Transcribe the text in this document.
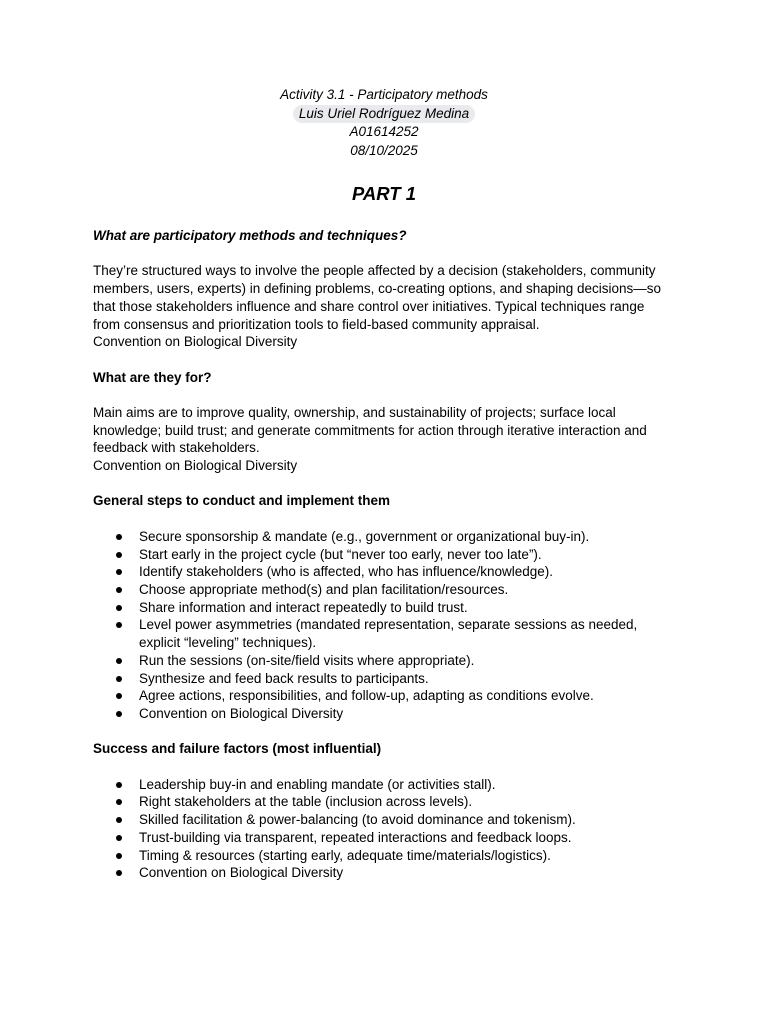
Activity 3.1 - Participatory methods
Luis Uriel Rodríguez Medina
A01614252
08/10/2025
PART 1

What are participatory methods and techniques?

They’re structured ways to involve the people affected by a decision (stakeholders, community members, users, experts) in defining problems, co-creating options, and shaping decisions—so that those stakeholders influence and share control over initiatives. Typical techniques range from consensus and prioritization tools to field-based community appraisal.

Convention on Biological Diversity

What are they for?

Main aims are to improve quality, ownership, and sustainability of projects; surface local knowledge; build trust; and generate commitments for action through iterative interaction and feedback with stakeholders.

Convention on Biological Diversity

General steps to conduct and implement them

Secure sponsorship & mandate (e.g., government or organizational buy-in).
Start early in the project cycle (but “never too early, never too late”).
Identify stakeholders (who is affected, who has influence/knowledge).
Choose appropriate method(s) and plan facilitation/resources.
Share information and interact repeatedly to build trust.
Level power asymmetries (mandated representation, separate sessions as needed, explicit “leveling” techniques).
Run the sessions (on-site/field visits where appropriate).
Synthesize and feed back results to participants.
Agree actions, responsibilities, and follow-up, adapting as conditions evolve.
Convention on Biological Diversity

Success and failure factors (most influential)

Leadership buy-in and enabling mandate (or activities stall).
Right stakeholders at the table (inclusion across levels).
Skilled facilitation & power-balancing (to avoid dominance and tokenism).
Trust-building via transparent, repeated interactions and feedback loops.
Timing & resources (starting early, adequate time/materials/logistics).
Convention on Biological Diversity
